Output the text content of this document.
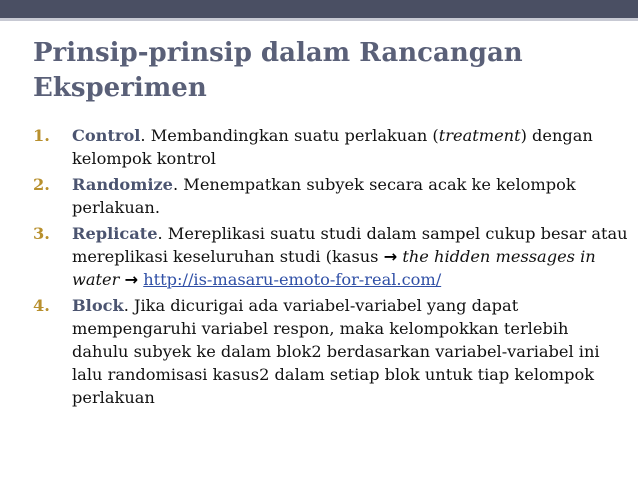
Prinsip-prinsip dalam Rancangan Eksperimen
1. Control. Membandingkan suatu perlakuan (treatment) dengan kelompok kontrol
2. Randomize. Menempatkan subyek secara acak ke kelompok perlakuan.
3. Replicate. Mereplikasi suatu studi dalam sampel cukup besar atau mereplikasi keseluruhan studi (kasus → the hidden messages in water → http://is-masaru-emoto-for-real.com/
4. Block. Jika dicurigai ada variabel-variabel yang dapat mempengaruhi variabel respon, maka kelompokkan terlebih dahulu subyek ke dalam blok2 berdasarkan variabel-variabel ini lalu randomisasi kasus2 dalam setiap blok untuk tiap kelompok perlakuan
